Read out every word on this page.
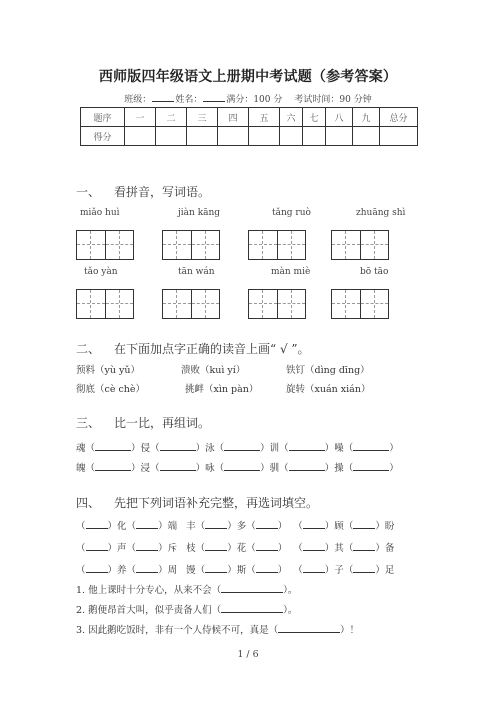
西师版四年级语文上册期中考试题（参考答案）
班级：	姓名：	满分：100 分 考试时间：90 分钟
题序	一	二	三	四	五	六	七	八	九	总分
得分										
一、 看拼音，写词语。
miǎo huì	jiàn kāng	tǎng ruò	zhuāng shì
tǎo yàn	tān wán	màn miè	bō tāo
二、 在下面加点字正确的读音上画“ √ ”。
预料（yù yǔ）	溃败（kuì yí）	铁钉（dìng dīng）
彻底（cè chè）	挑衅（xìn pàn）	旋转（xuán xián）
三、 比一比，再组词。
魂（	）侵（	）泳（	）训（	）噪（	）
魄（	）浸（	）咏（	）驯（	）操（	）
四、 先把下列词语补充完整，再选词填空。
（ ）化（ ）端 丰（ ）多（ ）  （ ）顾（ ）盼
（ ）声（ ）斥 枝（ ）花（ ）  （ ）其（ ）备
（ ）养（ ）周 馒（ ）斯（ ）  （ ）子（ ）足
1. 他上课时十分专心，从来不会（	）。
2. 鹅便昂首大叫，似乎责备人们（	）。
3. 因此鹅吃饭时，非有一个人侍候不可，真是（	）！
1 / 6
